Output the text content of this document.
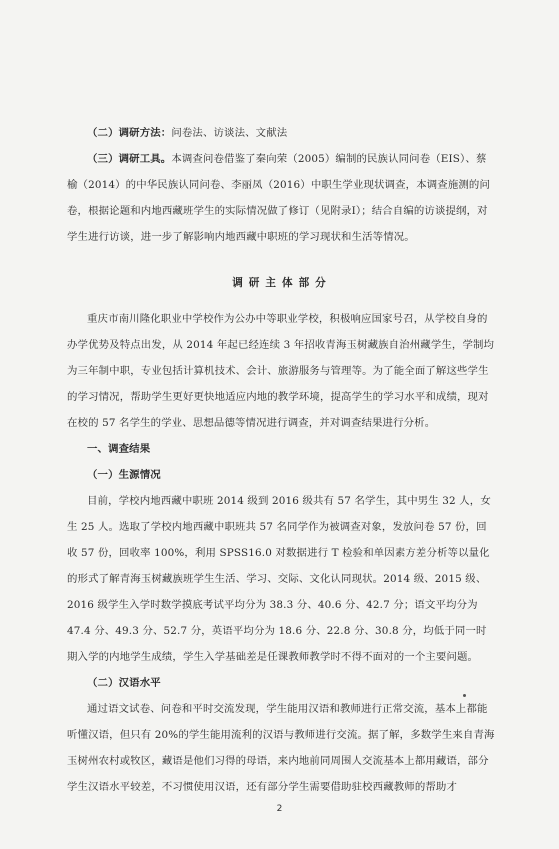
（二）调研方法：问卷法、访谈法、文献法

（三）调研工具。本调查问卷借鉴了秦向荣（2005）编制的民族认同问卷（EIS）、蔡榆（2014）的中华民族认同问卷、李丽凤（2016）中职生学业现状调查，本调查施测的问卷，根据论题和内地西藏班学生的实际情况做了修订（见附录Ⅰ）；结合自编的访谈提纲，对学生进行访谈，进一步了解影响内地西藏中职班的学习现状和生活等情况。

调研主体部分

重庆市南川隆化职业中学校作为公办中等职业学校，积极响应国家号召，从学校自身的办学优势及特点出发，从 2014 年起已经连续 3 年招收青海玉树藏族自治州藏学生，学制均为三年制中职，专业包括计算机技术、会计、旅游服务与管理等。为了能全面了解这些学生的学习情况，帮助学生更好更快地适应内地的教学环境，提高学生的学习水平和成绩，现对在校的 57 名学生的学业、思想品德等情况进行调查，并对调查结果进行分析。

一、调查结果

（一）生源情况

目前，学校内地西藏中职班 2014 级到 2016 级共有 57 名学生，其中男生 32 人，女生 25 人。选取了学校内地西藏中职班共 57 名同学作为被调查对象，发放问卷 57 份，回收 57 份，回收率 100%，利用 SPSS16.0 对数据进行 T 检验和单因素方差分析等以量化的形式了解青海玉树藏族班学生生活、学习、交际、文化认同现状。2014 级、2015 级、2016 级学生入学时数学摸底考试平均分为 38.3 分、40.6 分、42.7 分；语文平均分为 47.4 分、49.3 分、52.7 分，英语平均分为 18.6 分、22.8 分、30.8 分，均低于同一时期入学的内地学生成绩，学生入学基础差是任课教师教学时不得不面对的一个主要问题。

（二）汉语水平

通过语文试卷、问卷和平时交流发现，学生能用汉语和教师进行正常交流，基本上都能听懂汉语，但只有 20%的学生能用流利的汉语与教师进行交流。据了解，多数学生来自青海玉树州农村或牧区，藏语是他们习得的母语，来内地前同周围人交流基本上都用藏语，部分学生汉语水平较差，不习惯使用汉语，还有部分学生需要借助驻校西藏教师的帮助才

2
